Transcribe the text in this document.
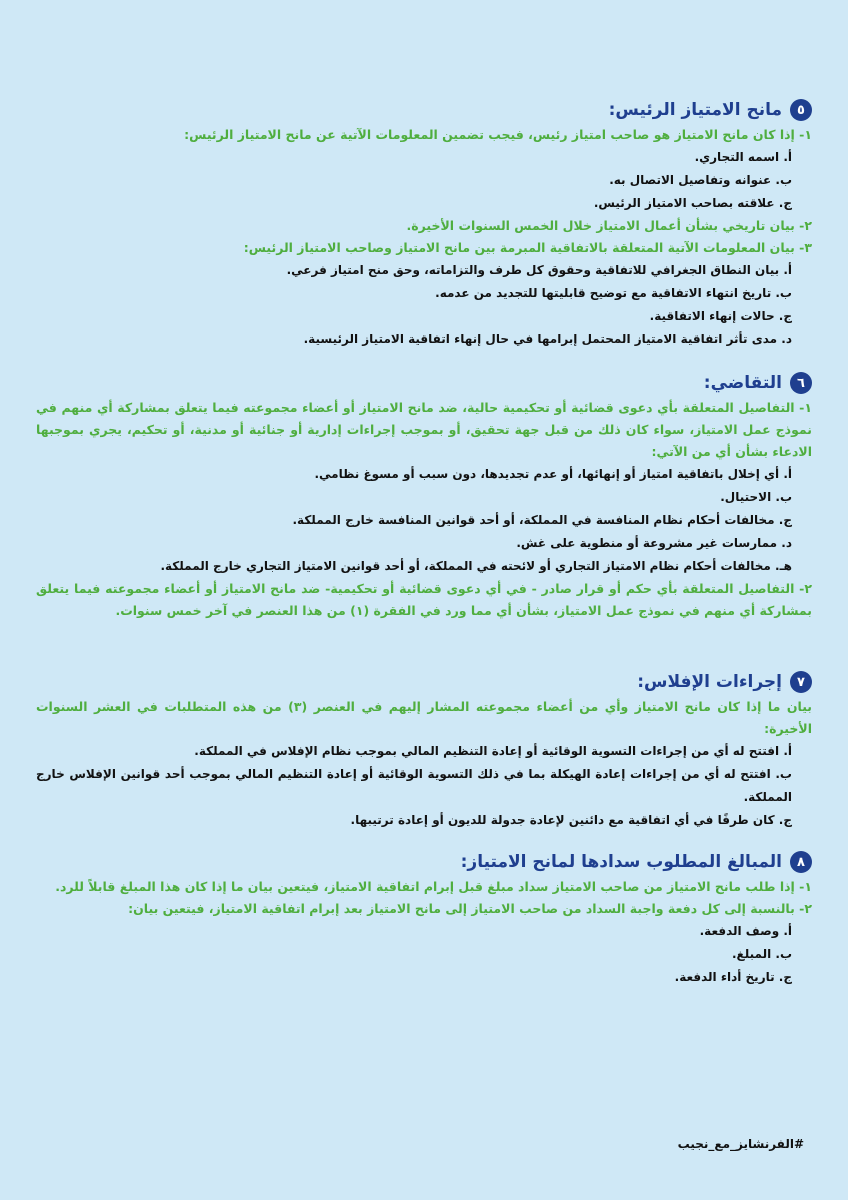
٥
مانح الامتياز الرئيس:

١- إذا كان مانح الامتياز هو صاحب امتياز رئيس، فيجب تضمين المعلومات الآتية عن مانح الامتياز الرئيس:

أ. اسمه التجاري.

ب. عنوانه وتفاصيل الاتصال به.

ج. علاقته بصاحب الامتياز الرئيس.

٢- بيان تاريخي بشأن أعمال الامتياز خلال الخمس السنوات الأخيرة.

٣- بيان المعلومات الآتية المتعلقة بالاتفاقية المبرمة بين مانح الامتياز وصاحب الامتياز الرئيس:

أ. بيان النطاق الجغرافي للاتفاقية وحقوق كل طرف والتزاماته، وحق منح امتياز فرعي.

ب. تاريخ انتهاء الاتفاقية مع توضيح قابليتها للتجديد من عدمه.

ج. حالات إنهاء الاتفاقية.

د. مدى تأثر اتفاقية الامتياز المحتمل إبرامها في حال إنهاء اتفاقية الامتياز الرئيسية.

٦
التقاضي:

١- التفاصيل المتعلقة بأي دعوى قضائية أو تحكيمية حالية، ضد مانح الامتياز أو أعضاء مجموعته فيما يتعلق بمشاركة أي منهم في نموذج عمل الامتياز، سواء كان ذلك من قبل جهة تحقيق، أو بموجب إجراءات إدارية أو جنائية أو مدنية، أو تحكيم، يجري بموجبها الادعاء بشأن أي من الآتي:

أ. أي إخلال باتفاقية امتياز أو إنهائها، أو عدم تجديدها، دون سبب أو مسوغ نظامي.

ب. الاحتيال.

ج. مخالفات أحكام نظام المنافسة في المملكة، أو أحد قوانين المنافسة خارج المملكة.

د. ممارسات غير مشروعة أو منطوية على غش.

هـ. مخالفات أحكام نظام الامتياز التجاري أو لائحته في المملكة، أو أحد قوانين الامتياز التجاري خارج المملكة.

٢- التفاصيل المتعلقة بأي حكم أو قرار صادر - في أي دعوى قضائية أو تحكيمية- ضد مانح الامتياز أو أعضاء مجموعته فيما يتعلق بمشاركة أي منهم في نموذج عمل الامتياز، بشأن أي مما ورد في الفقرة (١) من هذا العنصر في آخر خمس سنوات.

٧
إجراءات الإفلاس:

بيان ما إذا كان مانح الامتياز وأي من أعضاء مجموعته المشار إليهم في العنصر (٣) من هذه المتطلبات في العشر السنوات الأخيرة:

أ. افتتح له أي من إجراءات التسوية الوقائية أو إعادة التنظيم المالي بموجب نظام الإفلاس في المملكة.

ب. افتتح له أي من إجراءات إعادة الهيكلة بما في ذلك التسوية الوقائية أو إعادة التنظيم المالي بموجب أحد قوانين الإفلاس خارج المملكة.

ج. كان طرفًا في أي اتفاقية مع دائنين لإعادة جدولة للديون أو إعادة ترتيبها.

٨
المبالغ المطلوب سدادها لمانح الامتياز:

١- إذا طلب مانح الامتياز من صاحب الامتياز سداد مبلغ قبل إبرام اتفاقية الامتياز، فيتعين بيان ما إذا كان هذا المبلغ قابلاً للرد.

٢- بالنسبة إلى كل دفعة واجبة السداد من صاحب الامتياز إلى مانح الامتياز بعد إبرام اتفاقية الامتياز، فيتعين بيان:

أ. وصف الدفعة.

ب. المبلغ.

ج. تاريخ أداء الدفعة.

#الفرنشايز_مع_نجيب
